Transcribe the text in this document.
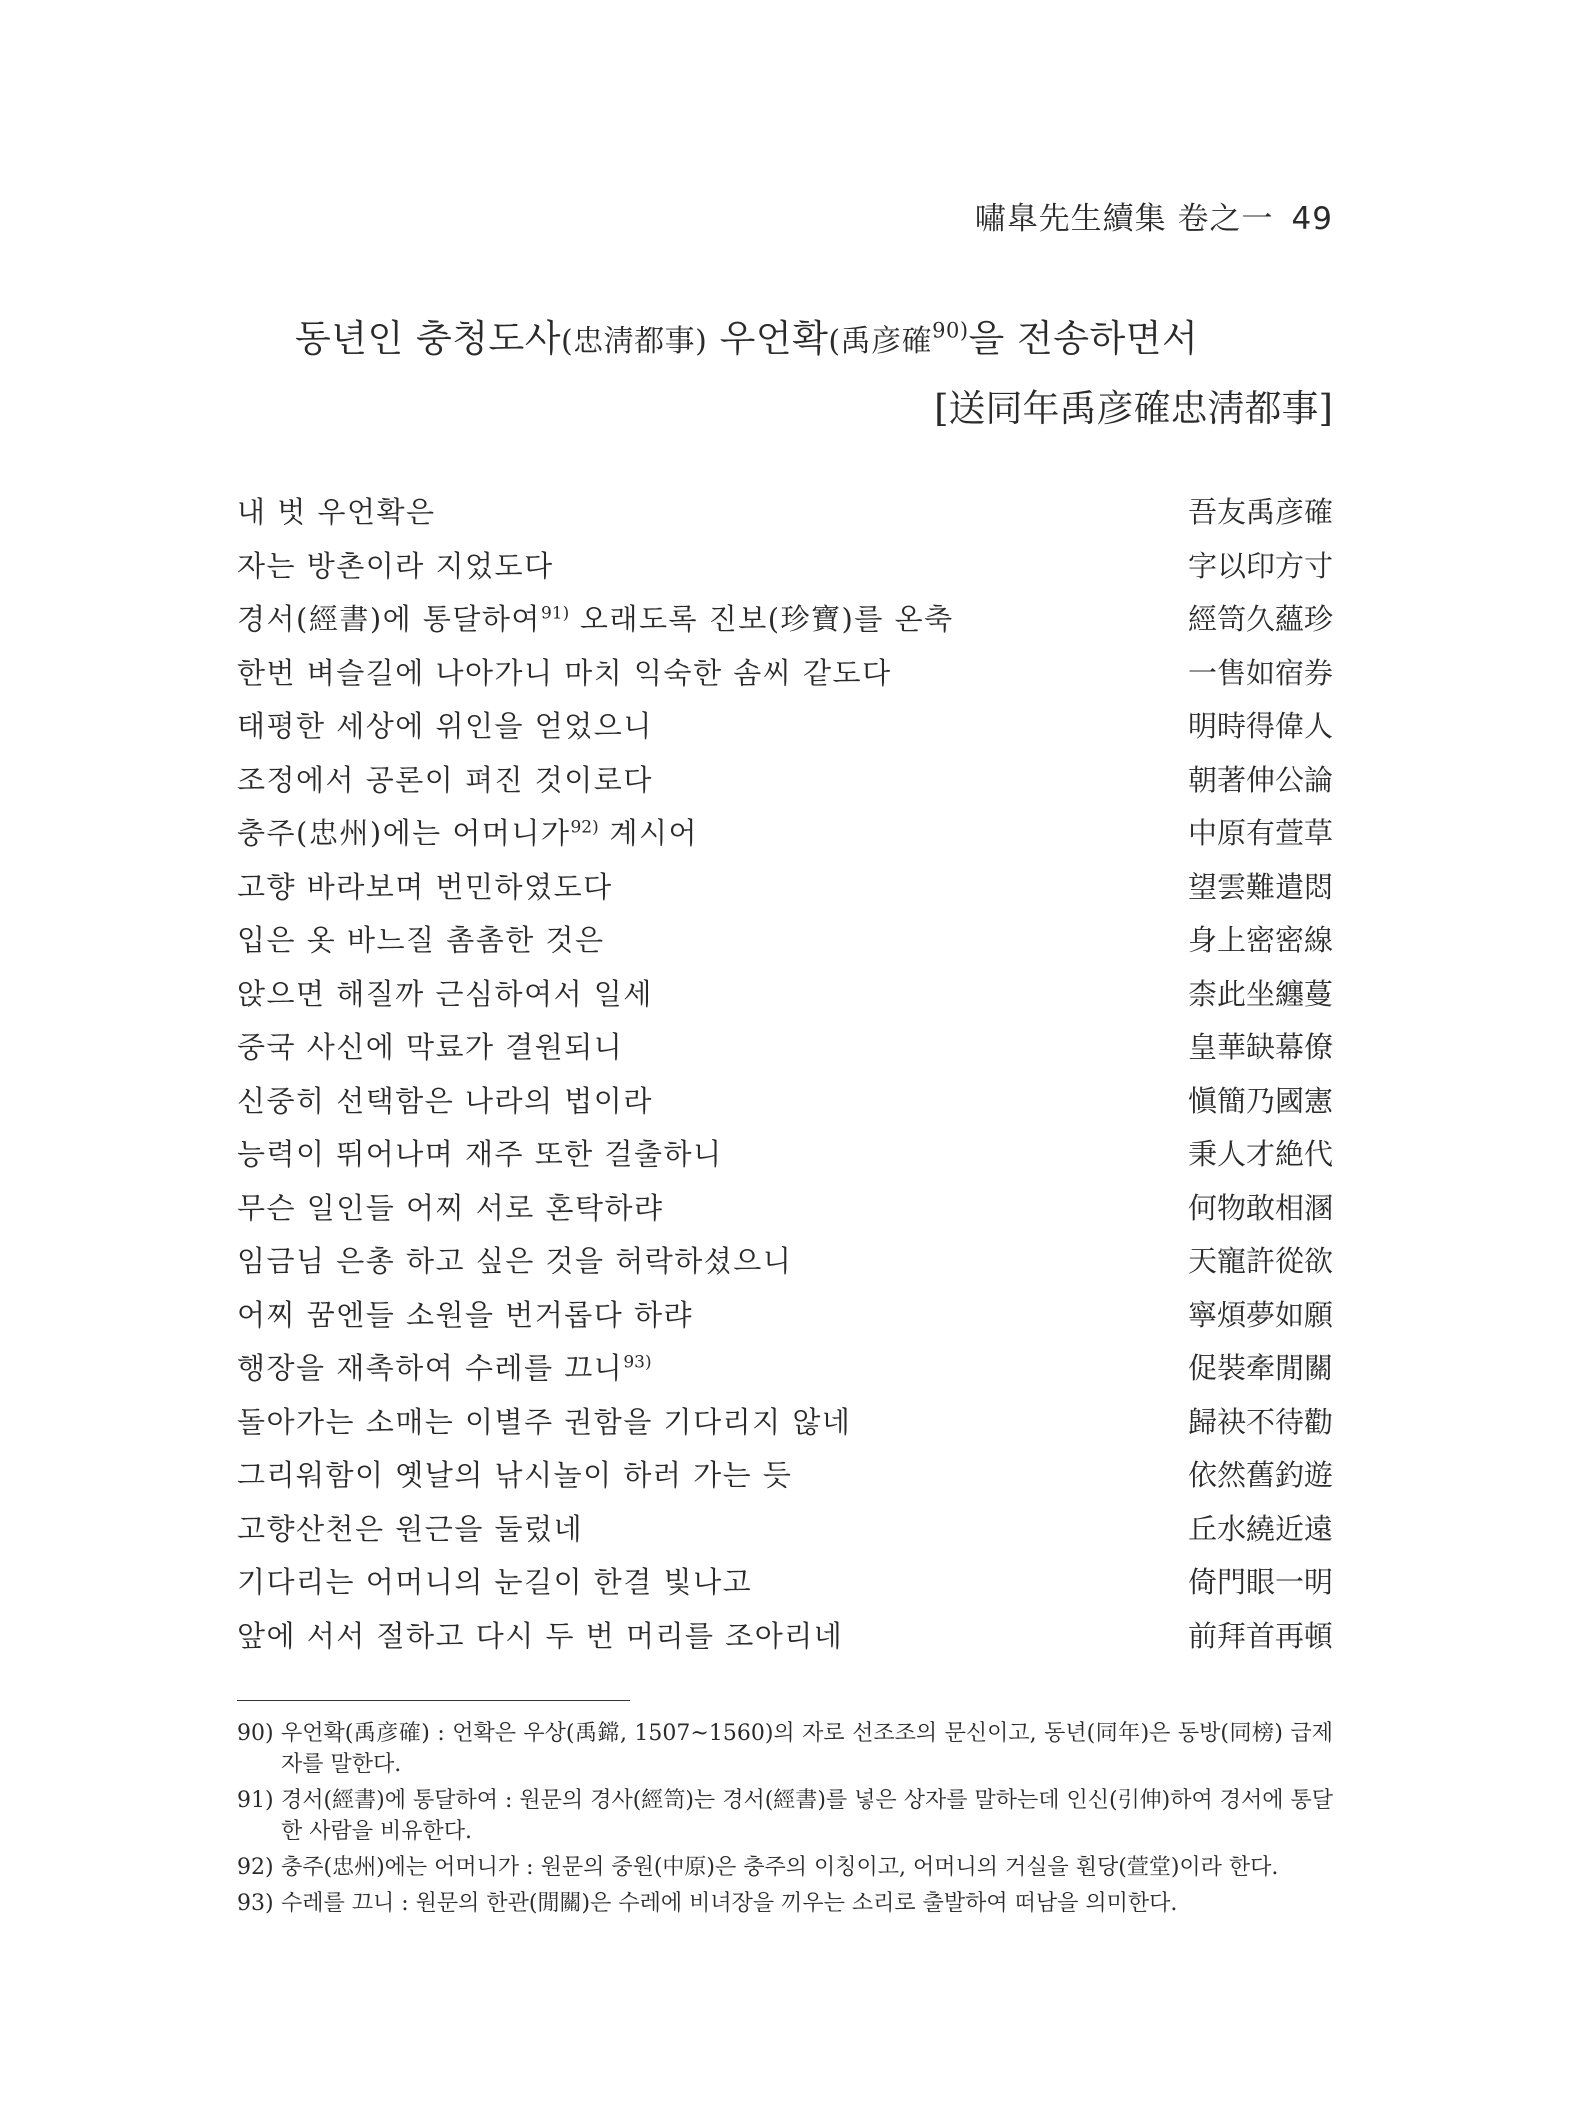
嘯臯先生續集 卷之一 49
동년인 충청도사(忠淸都事) 우언확(禹彦確$^{90)}$을 전송하면서
[送同年禹彦確忠淸都事]
내 벗 우언확은	吾友禹彦確
자는 방촌이라 지었도다	字以印方寸
경서(經書)에 통달하여$^{91)}$ 오래도록 진보(珍寶)를 온축	經笥久蘊珍
한번 벼슬길에 나아가니 마치 익숙한 솜씨 같도다	一售如宿券
태평한 세상에 위인을 얻었으니	明時得偉人
조정에서 공론이 펴진 것이로다	朝著伸公論
충주(忠州)에는 어머니가$^{92)}$ 계시어	中原有萱草
고향 바라보며 번민하였도다	望雲難遣悶
입은 옷 바느질 촘촘한 것은	身上密密線
앉으면 해질까 근심하여서 일세	柰此坐纏蔓
중국 사신에 막료가 결원되니	皇華缺幕僚
신중히 선택함은 나라의 법이라	愼簡乃國憲
능력이 뛰어나며 재주 또한 걸출하니	秉人才絶代
무슨 일인들 어찌 서로 혼탁하랴	何物敢相溷
임금님 은총 하고 싶은 것을 허락하셨으니	天寵許從欲
어찌 꿈엔들 소원을 번거롭다 하랴	寧煩夢如願
행장을 재촉하여 수레를 끄니$^{93)}$	促裝牽閒關
돌아가는 소매는 이별주 권함을 기다리지 않네	歸袂不待勸
그리워함이 옛날의 낚시놀이 하러 가는 듯	依然舊釣遊
고향산천은 원근을 둘렀네	丘水繞近遠
기다리는 어머니의 눈길이 한결 빛나고	倚門眼一明
앞에 서서 절하고 다시 두 번 머리를 조아리네	前拜首再頓
90) 우언확(禹彦確) : 언확은 우상(禹鏛, 1507~1560)의 자로 선조조의 문신이고, 동년(同年)은 동방(同榜) 급제자를 말한다.
91) 경서(經書)에 통달하여 : 원문의 경사(經笥)는 경서(經書)를 넣은 상자를 말하는데 인신(引伸)하여 경서에 통달한 사람을 비유한다.
92) 충주(忠州)에는 어머니가 : 원문의 중원(中原)은 충주의 이칭이고, 어머니의 거실을 훤당(萱堂)이라 한다.
93) 수레를 끄니 : 원문의 한관(閒關)은 수레에 비녀장을 끼우는 소리로 출발하여 떠남을 의미한다.
